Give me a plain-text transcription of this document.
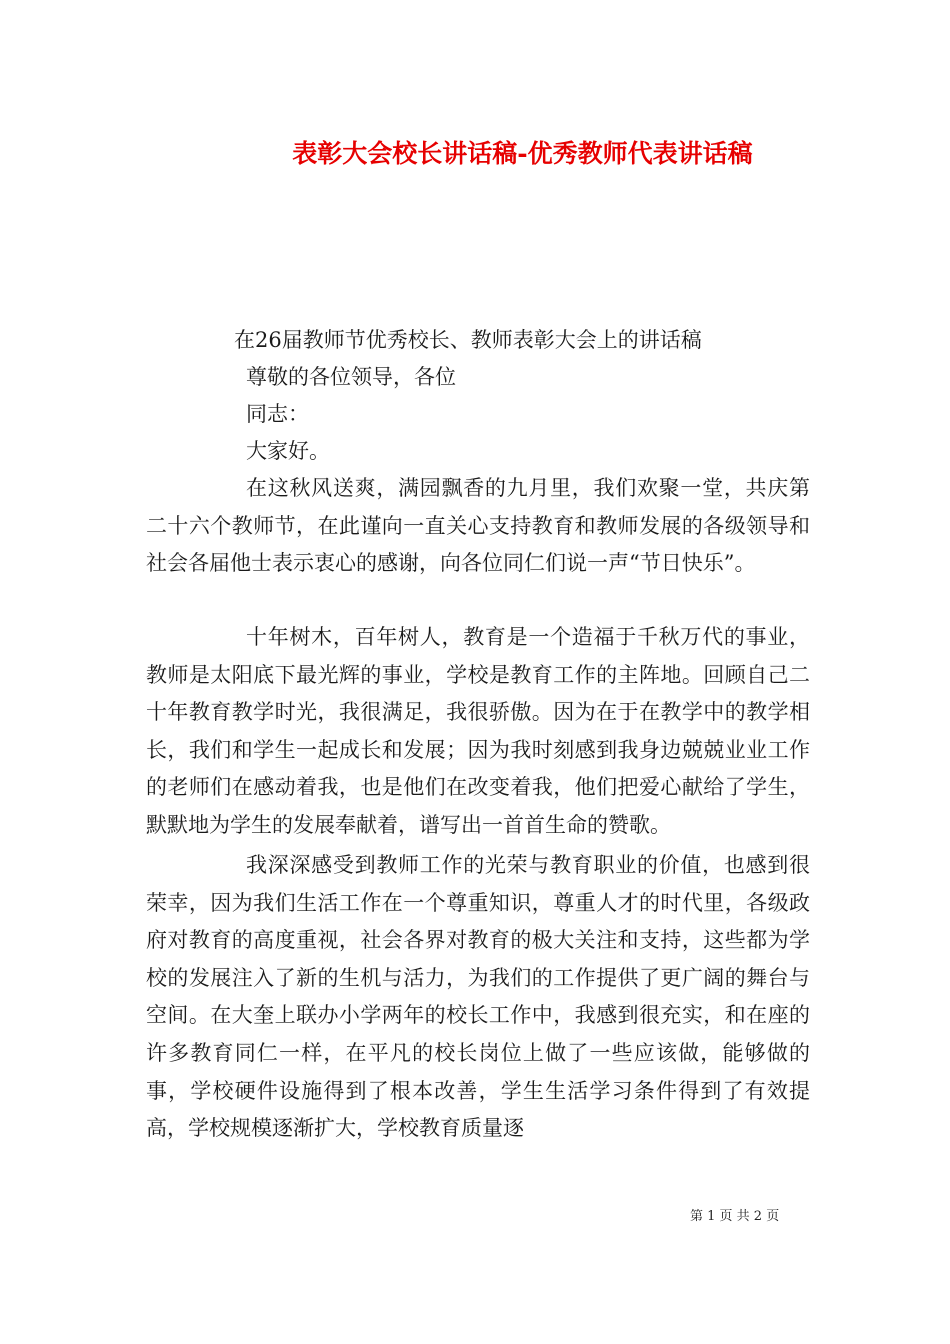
表彰大会校长讲话稿-优秀教师代表讲话稿

在26届教师节优秀校长、教师表彰大会上的讲话稿

尊敬的各位领导，各位

同志：

大家好。

在这秋风送爽，满园飘香的九月里，我们欢聚一堂，共庆第二十六个教师节，在此谨向一直关心支持教育和教师发展的各级领导和社会各届他士表示衷心的感谢，向各位同仁们说一声“节日快乐”。

十年树木，百年树人，教育是一个造福于千秋万代的事业，教师是太阳底下最光辉的事业，学校是教育工作的主阵地。回顾自己二十年教育教学时光，我很满足，我很骄傲。因为在于在教学中的教学相长，我们和学生一起成长和发展；因为我时刻感到我身边兢兢业业工作的老师们在感动着我，也是他们在改变着我，他们把爱心献给了学生，默默地为学生的发展奉献着，谱写出一首首生命的赞歌。

我深深感受到教师工作的光荣与教育职业的价值，也感到很荣幸，因为我们生活工作在一个尊重知识，尊重人才的时代里，各级政府对教育的高度重视，社会各界对教育的极大关注和支持，这些都为学校的发展注入了新的生机与活力，为我们的工作提供了更广阔的舞台与空间。在大奎上联办小学两年的校长工作中，我感到很充实，和在座的许多教育同仁一样，在平凡的校长岗位上做了一些应该做，能够做的事，学校硬件设施得到了根本改善，学生生活学习条件得到了有效提高，学校规模逐渐扩大，学校教育质量逐

第 1 页 共 2 页
